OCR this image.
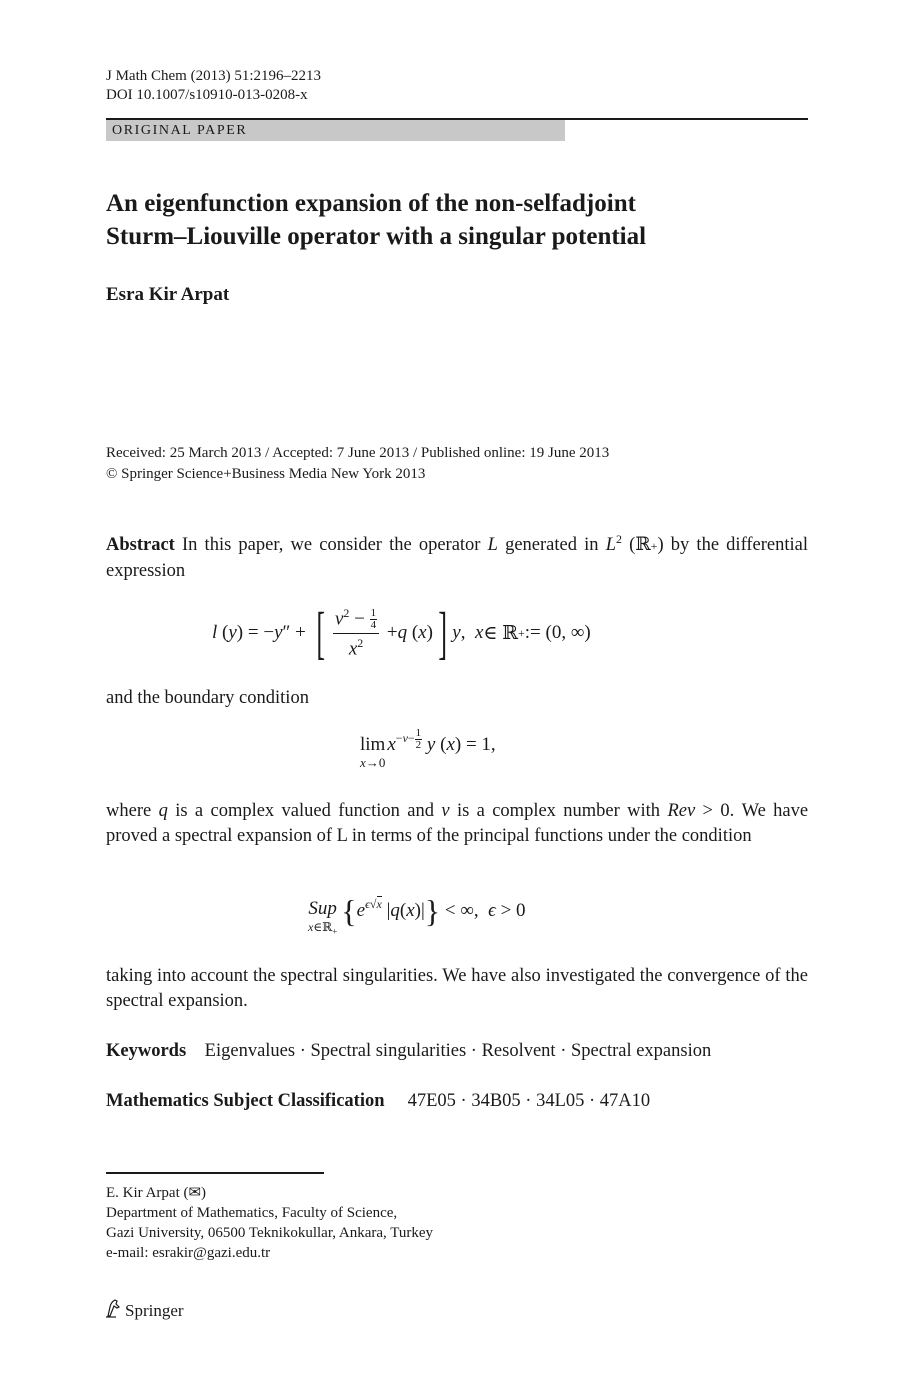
J Math Chem (2013) 51:2196–2213
DOI 10.1007/s10910-013-0208-x
ORIGINAL PAPER
An eigenfunction expansion of the non-selfadjoint
Sturm–Liouville operator with a singular potential
Esra Kir Arpat
Received: 25 March 2013 / Accepted: 7 June 2013 / Published online: 19 June 2013
© Springer Science+Business Media New York 2013
Abstract In this paper, we consider the operator L generated in $L^2$ (ℝ+) by the differential expression
l ( y ) = − y ″ + [ $\frac{\nu^2 - \frac{1}{4}}{x^2} + q$ ( x ) ] y , x ∈ ℝ + := (0, ∞)
and the boundary condition
lim
x→0
$x^{-\nu- \frac{1}{2}}$ y (x) = 1,
where q is a complex valued function and ν is a complex number with Reν > 0. We have proved a spectral expansion of L in terms of the principal functions under the condition
Sup
x∈ℝ$_+$
{ $e^{\epsilon√x}$ |q(x)| } < ∞,  ϵ > 0
taking into account the spectral singularities. We have also investigated the convergence of the spectral expansion.
Keywords Eigenvalues · Spectral singularities · Resolvent · Spectral expansion
Mathematics Subject Classification 47E05 · 34B05 · 34L05 · 47A10
E. Kir Arpat (✉)
Department of Mathematics, Faculty of Science,
Gazi University, 06500 Teknikokullar, Ankara, Turkey
e-mail: esrakir@gazi.edu.tr
Springer
